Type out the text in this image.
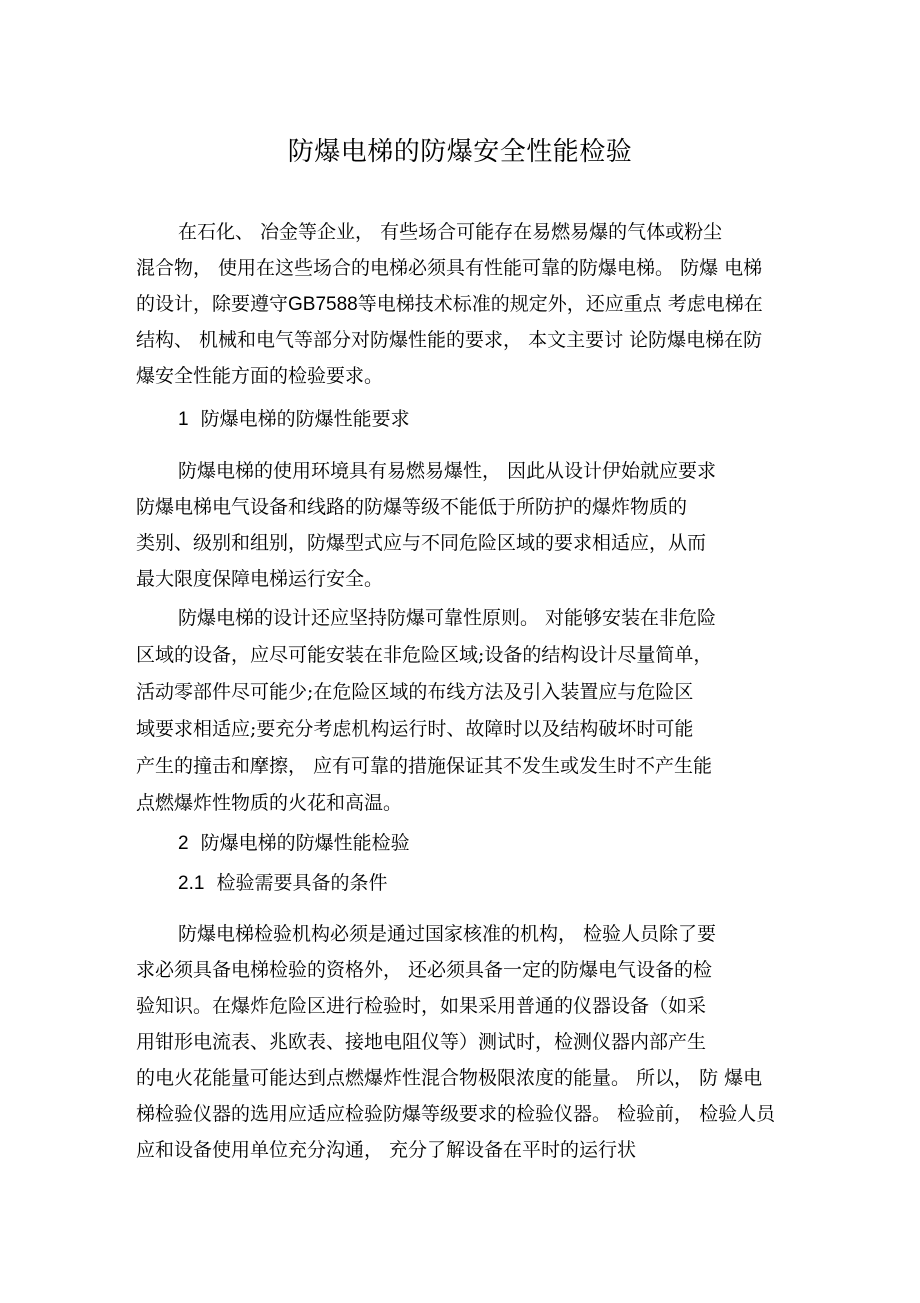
防爆电梯的防爆安全性能检验
在石化、 冶金等企业， 有些场合可能存在易燃易爆的气体或粉尘
混合物， 使用在这些场合的电梯必须具有性能可靠的防爆电梯。 防爆 电梯
的设计，除要遵守GB7588等电梯技术标准的规定外，还应重点 考虑电梯在
结构、 机械和电气等部分对防爆性能的要求， 本文主要讨 论防爆电梯在防
爆安全性能方面的检验要求。
1 防爆电梯的防爆性能要求
防爆电梯的使用环境具有易燃易爆性， 因此从设计伊始就应要求
防爆电梯电气设备和线路的防爆等级不能低于所防护的爆炸物质的
类别、级别和组别，防爆型式应与不同危险区域的要求相适应，从而
最大限度保障电梯运行安全。
防爆电梯的设计还应坚持防爆可靠性原则。 对能够安装在非危险
区域的设备，应尽可能安装在非危险区域;设备的结构设计尽量简单，
活动零部件尽可能少;在危险区域的布线方法及引入装置应与危险区
域要求相适应;要充分考虑机构运行时、故障时以及结构破坏时可能
产生的撞击和摩擦， 应有可靠的措施保证其不发生或发生时不产生能
点燃爆炸性物质的火花和高温。
2 防爆电梯的防爆性能检验
2.1 检验需要具备的条件
防爆电梯检验机构必须是通过国家核准的机构， 检验人员除了要
求必须具备电梯检验的资格外， 还必须具备一定的防爆电气设备的检
验知识。在爆炸危险区进行检验时，如果采用普通的仪器设备（如采
用钳形电流表、兆欧表、接地电阻仪等）测试时，检测仪器内部产生
的电火花能量可能达到点燃爆炸性混合物极限浓度的能量。 所以， 防 爆电
梯检验仪器的选用应适应检验防爆等级要求的检验仪器。 检验前， 检验人员
应和设备使用单位充分沟通， 充分了解设备在平时的运行状
